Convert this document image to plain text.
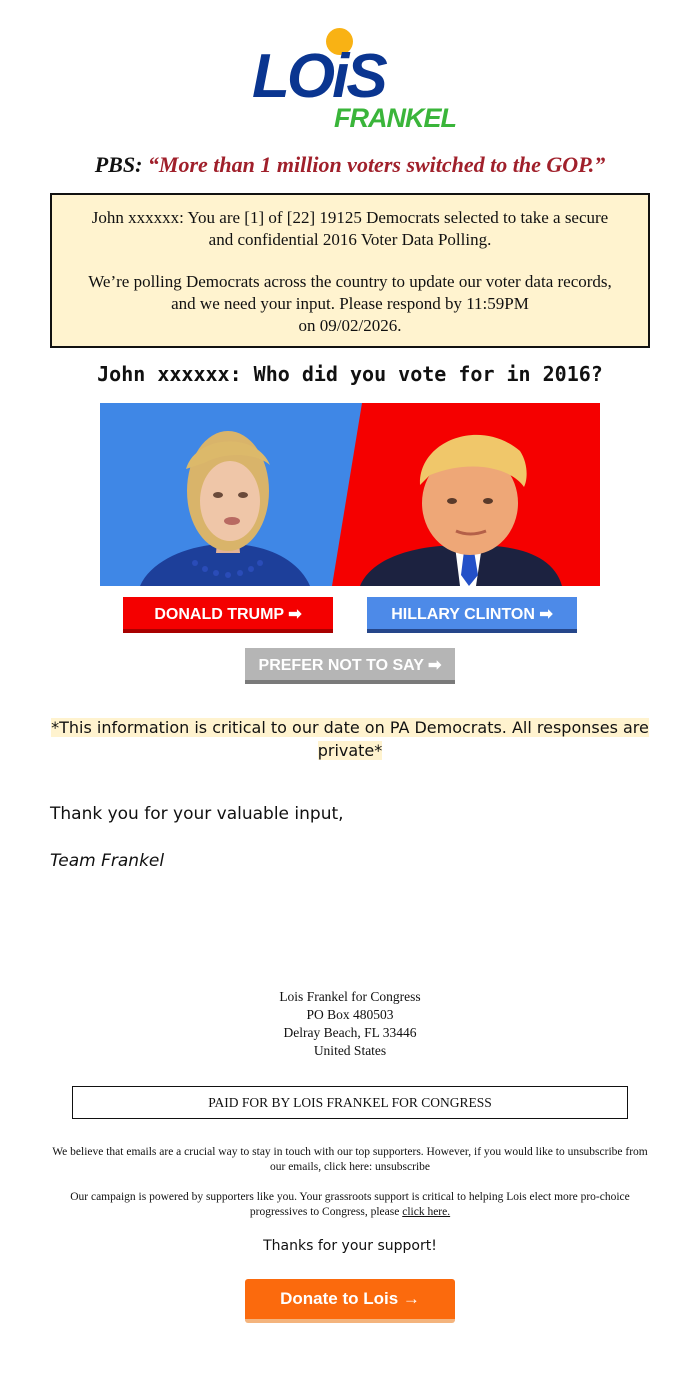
LOiS
FRANKEL
PBS: “More than 1 million voters switched to the GOP.”

John xxxxxx: You are [1] of [22] 19125 Democrats selected to take a secure and confidential 2016 Voter Data Polling.

We’re polling Democrats across the country to update our voter data records, and we need your input. Please respond by 11:59PM
on 09/02/2026.

John xxxxxx: Who did you vote for in 2016?
DONALD TRUMP ➡	HILLARY CLINTON ➡
PREFER NOT TO SAY ➡
*This information is critical to our date on PA Democrats. All responses are private*
Thank you for your valuable input,
Team Frankel
Lois Frankel for Congress
PO Box 480503
Delray Beach, FL 33446
United States
PAID FOR BY LOIS FRANKEL FOR CONGRESS
We believe that emails are a crucial way to stay in touch with our top supporters. However, if you would like to unsubscribe from our emails, click here: unsubscribe
Our campaign is powered by supporters like you. Your grassroots support is critical to helping Lois elect more pro-choice progressives to Congress, please click here.
Thanks for your support!
Donate to Lois →
